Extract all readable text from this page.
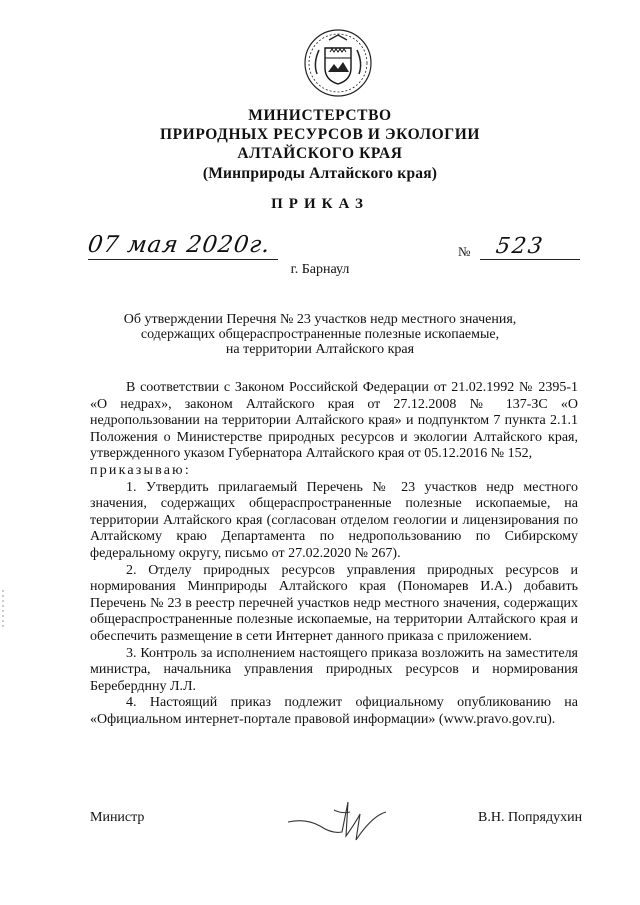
МИНИСТЕРСТВО
ПРИРОДНЫХ РЕСУРСОВ И ЭКОЛОГИИ
АЛТАЙСКОГО КРАЯ
(Минприроды Алтайского края)
ПРИКАЗ
07 мая 2020г.	№ 523
г. Барнаул
Об утверждении Перечня № 23 участков недр местного значения,
содержащих общераспространенные полезные ископаемые,
на территории Алтайского края

В соответствии с Законом Российской Федерации от 21.02.1992 № 2395-1 «О недрах», законом Алтайского края от 27.12.2008 № 137-ЗС «О недропользовании на территории Алтайского края» и подпунктом 7 пункта 2.1.1 Положения о Министерстве природных ресурсов и экологии Алтайского края, утвержденного указом Губернатора Алтайского края от 05.12.2016 № 152,

приказываю:

1. Утвердить прилагаемый Перечень № 23 участков недр местного значения, содержащих общераспространенные полезные ископаемые, на территории Алтайского края (согласован отделом геологии и лицензирования по Алтайскому краю Департамента по недропользованию по Сибирскому федеральному округу, письмо от 27.02.2020 № 267).

2. Отделу природных ресурсов управления природных ресурсов и нормирования Минприроды Алтайского края (Пономарев И.А.) добавить Перечень № 23 в реестр перечней участков недр местного значения, содержащих общераспространенные полезные ископаемые, на территории Алтайского края и обеспечить размещение в сети Интернет данного приказа с приложением.

3. Контроль за исполнением настоящего приказа возложить на заместителя министра, начальника управления природных ресурсов и нормирования Береберднну Л.Л.

4. Настоящий приказ подлежит официальному опубликованию на «Официальном интернет-портале правовой информации» (www.pravo.gov.ru).

Министр	В.Н. Попрядухин
